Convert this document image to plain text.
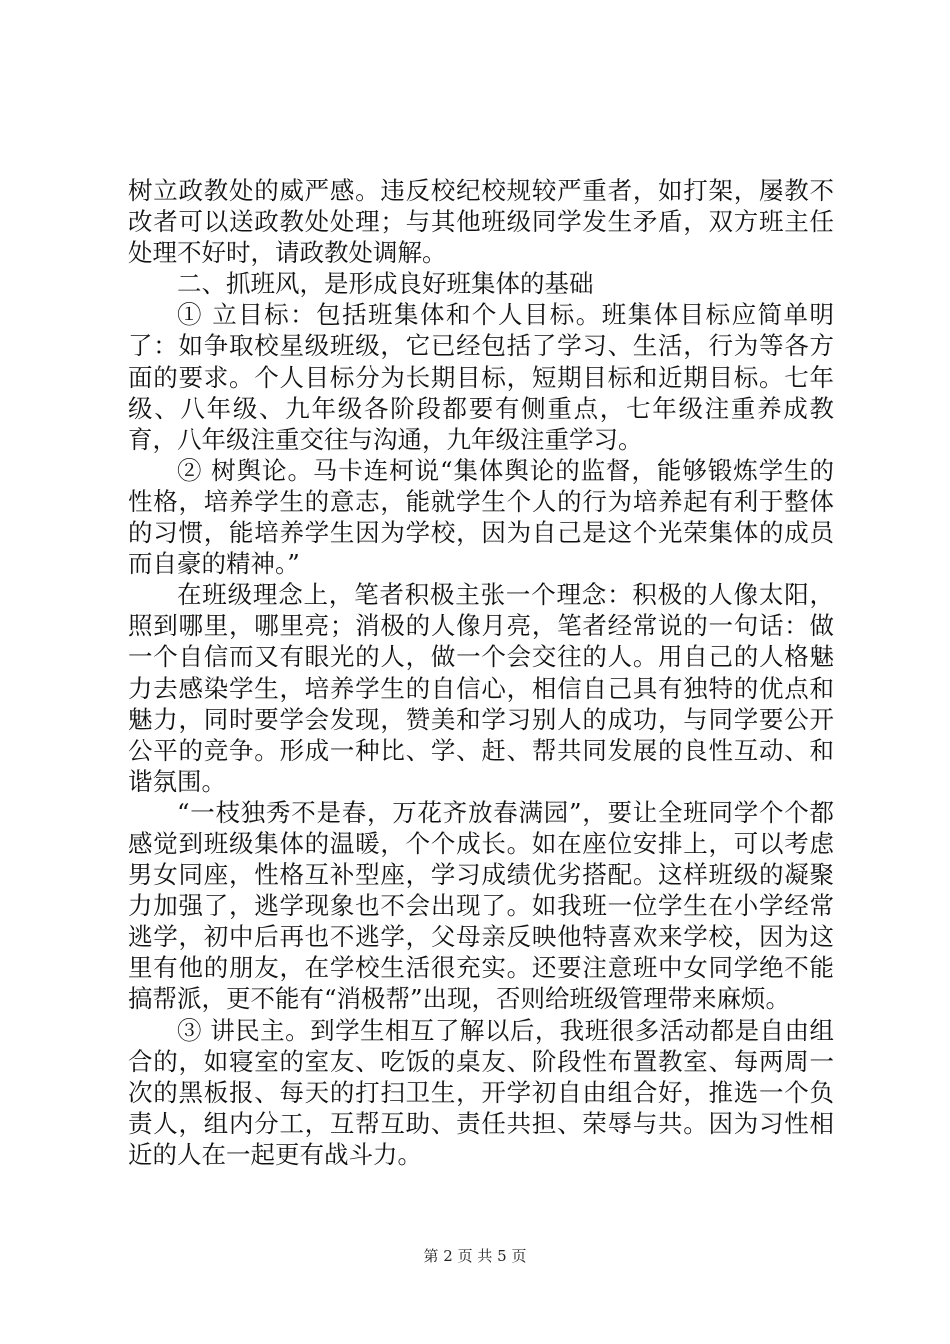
树立政教处的威严感。违反校纪校规较严重者，如打架，屡教不改者可以送政教处处理；与其他班级同学发生矛盾，双方班主任处理不好时，请政教处调解。

二、抓班风，是形成良好班集体的基础

① 立目标：包括班集体和个人目标。班集体目标应简单明了：如争取校星级班级，它已经包括了学习、生活，行为等各方面的要求。个人目标分为长期目标，短期目标和近期目标。七年级、八年级、九年级各阶段都要有侧重点，七年级注重养成教育，八年级注重交往与沟通，九年级注重学习。

② 树舆论。马卡连柯说“集体舆论的监督，能够锻炼学生的性格，培养学生的意志，能就学生个人的行为培养起有利于整体的习惯，能培养学生因为学校，因为自己是这个光荣集体的成员而自豪的精神。”

在班级理念上，笔者积极主张一个理念：积极的人像太阳，照到哪里，哪里亮；消极的人像月亮，笔者经常说的一句话：做一个自信而又有眼光的人，做一个会交往的人。用自己的人格魅力去感染学生，培养学生的自信心，相信自己具有独特的优点和魅力，同时要学会发现，赞美和学习别人的成功，与同学要公开公平的竞争。形成一种比、学、赶、帮共同发展的良性互动、和谐氛围。

“一枝独秀不是春，万花齐放春满园”，要让全班同学个个都感觉到班级集体的温暖，个个成长。如在座位安排上，可以考虑男女同座，性格互补型座，学习成绩优劣搭配。这样班级的凝聚力加强了，逃学现象也不会出现了。如我班一位学生在小学经常逃学，初中后再也不逃学，父母亲反映他特喜欢来学校，因为这里有他的朋友，在学校生活很充实。还要注意班中女同学绝不能搞帮派，更不能有“消极帮”出现，否则给班级管理带来麻烦。

③ 讲民主。到学生相互了解以后，我班很多活动都是自由组合的，如寝室的室友、吃饭的桌友、阶段性布置教室、每两周一次的黑板报、每天的打扫卫生，开学初自由组合好，推选一个负责人，组内分工，互帮互助、责任共担、荣辱与共。因为习性相近的人在一起更有战斗力。

第 2 页 共 5 页
